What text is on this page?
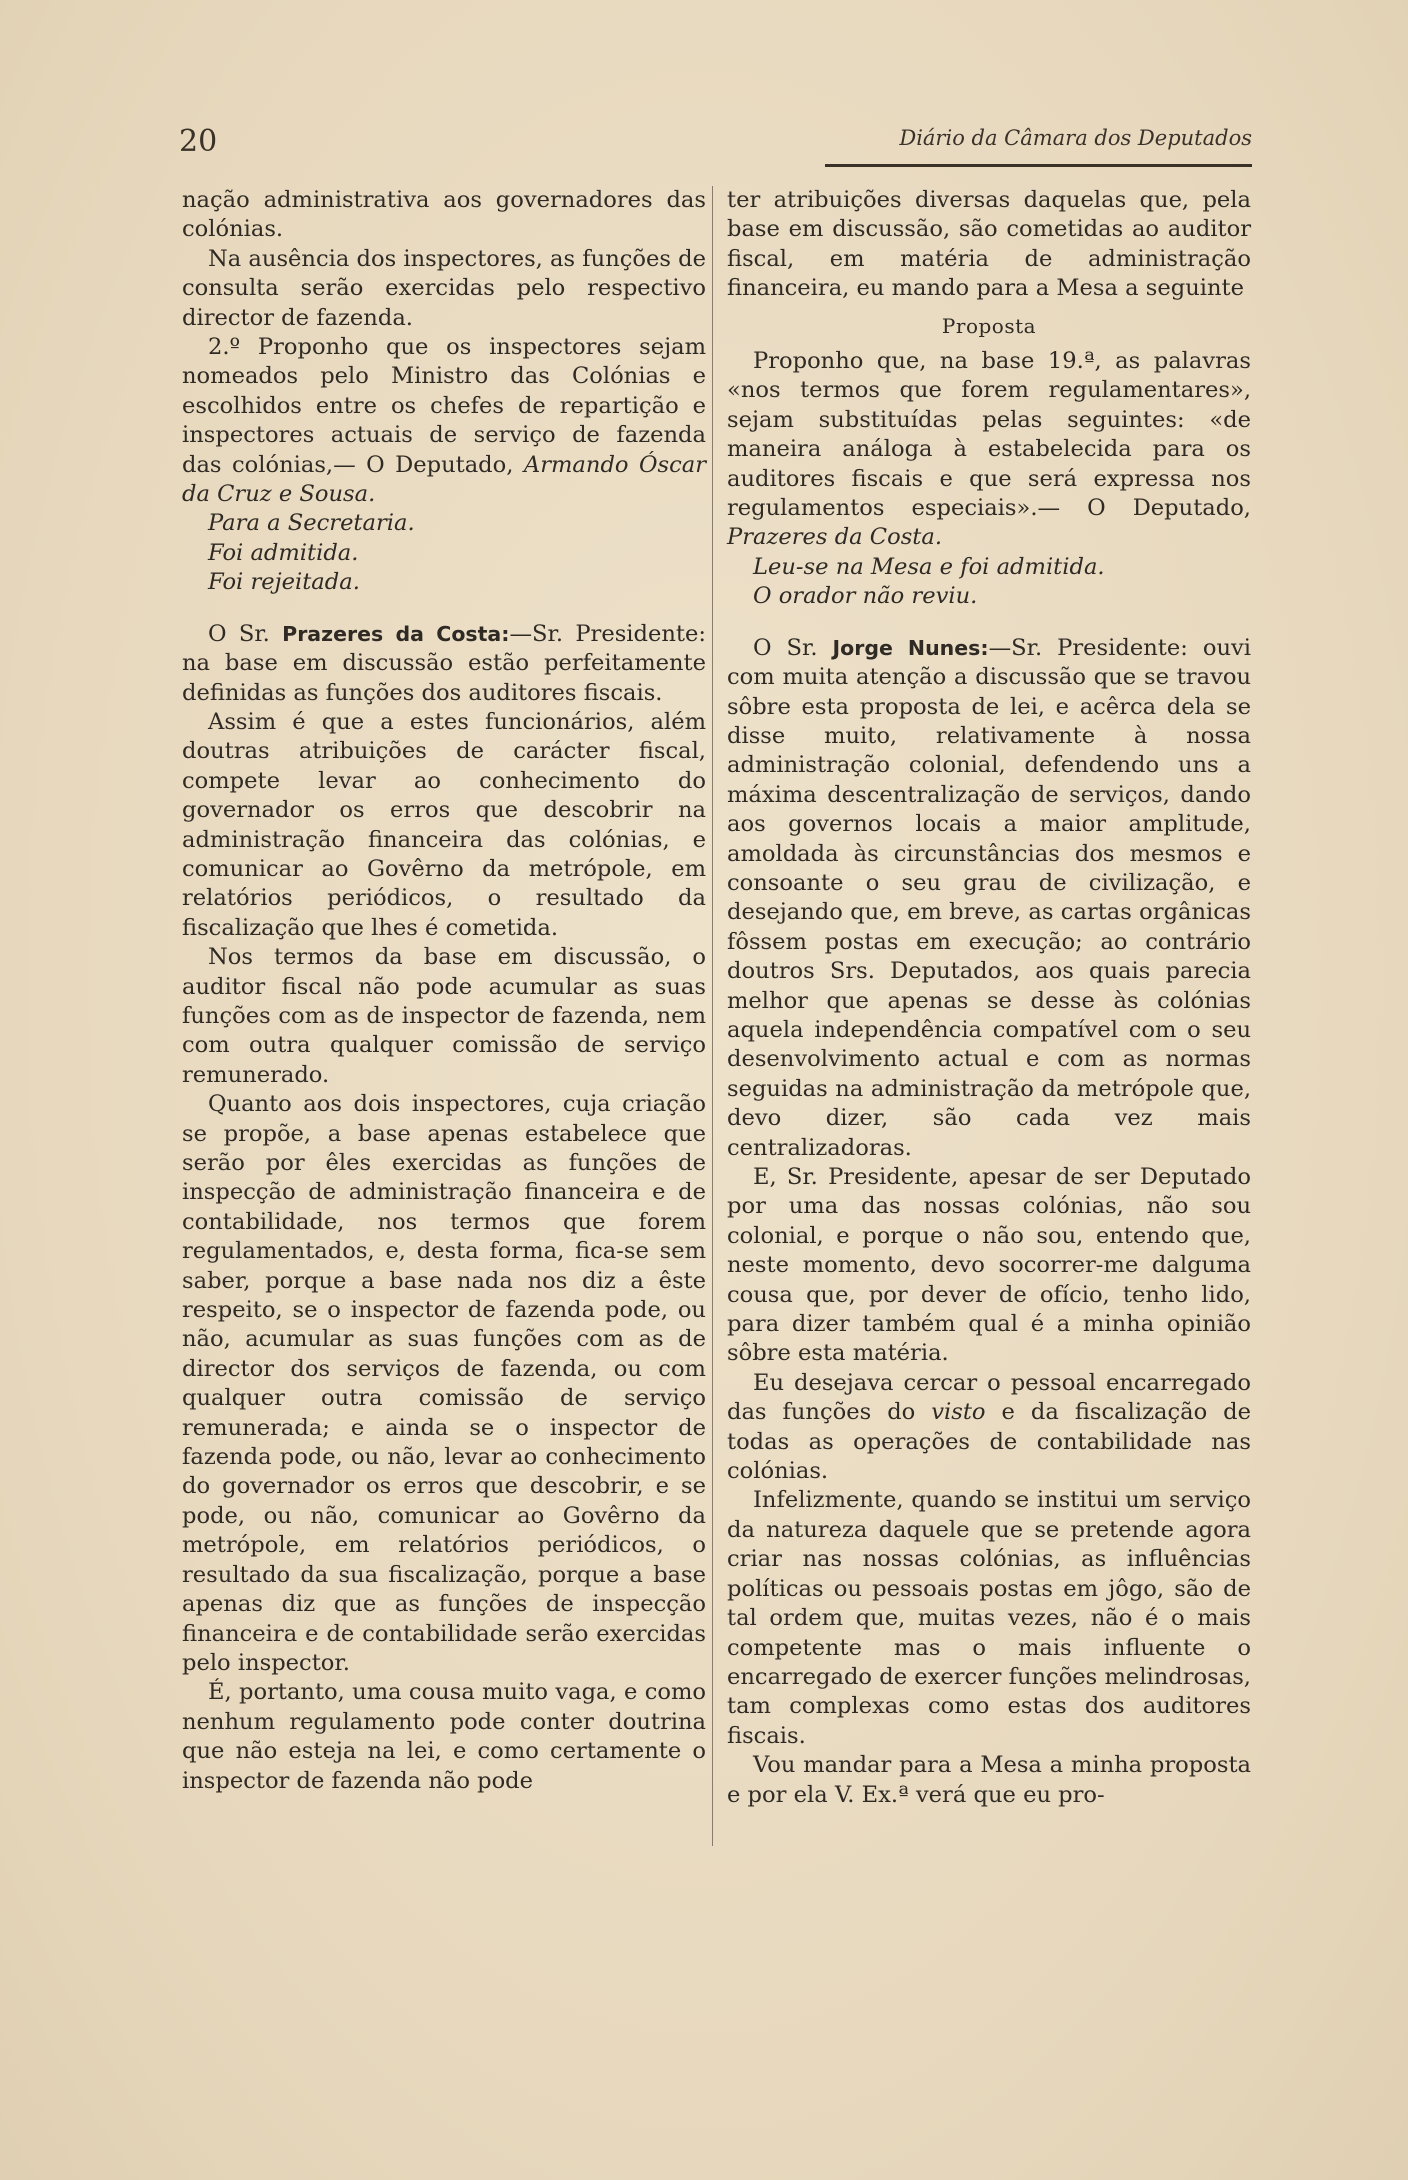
20	Diário da Câmara dos Deputados

nação administrativa aos governadores das colónias.

Na ausência dos inspectores, as funções de consulta serão exercidas pelo respectivo director de fazenda.

2.º Proponho que os inspectores sejam nomeados pelo Ministro das Colónias e escolhidos entre os chefes de repartição e inspectores actuais de serviço de fazenda das colónias,— O Deputado, Armando Óscar da Cruz e Sousa.

Para a Secretaria.

Foi admitida.

Foi rejeitada.

O Sr. Prazeres da Costa:—Sr. Presidente: na base em discussão estão perfeitamente definidas as funções dos auditores fiscais.

Assim é que a estes funcionários, além doutras atribuições de carácter fiscal, compete levar ao conhecimento do governador os erros que descobrir na administração financeira das colónias, e comunicar ao Govêrno da metrópole, em relatórios periódicos, o resultado da fiscalização que lhes é cometida.

Nos termos da base em discussão, o auditor fiscal não pode acumular as suas funções com as de inspector de fazenda, nem com outra qualquer comissão de serviço remunerado.

Quanto aos dois inspectores, cuja criação se propõe, a base apenas estabelece que serão por êles exercidas as funções de inspecção de administração financeira e de contabilidade, nos termos que forem regulamentados, e, desta forma, fica-se sem saber, porque a base nada nos diz a êste respeito, se o inspector de fazenda pode, ou não, acumular as suas funções com as de director dos serviços de fazenda, ou com qualquer outra comissão de serviço remunerada; e ainda se o inspector de fazenda pode, ou não, levar ao conhecimento do governador os erros que descobrir, e se pode, ou não, comunicar ao Govêrno da metrópole, em relatórios periódicos, o resultado da sua fiscalização, porque a base apenas diz que as funções de inspecção financeira e de contabilidade serão exercidas pelo inspector.

É, portanto, uma cousa muito vaga, e como nenhum regulamento pode conter doutrina que não esteja na lei, e como certamente o inspector de fazenda não pode

ter atribuições diversas daquelas que, pela base em discussão, são cometidas ao auditor fiscal, em matéria de administração financeira, eu mando para a Mesa a seguinte

Proposta

Proponho que, na base 19.ª, as palavras «nos termos que forem regulamentares», sejam substituídas pelas seguintes: «de maneira análoga à estabelecida para os auditores fiscais e que será expressa nos regulamentos especiais».— O Deputado, Prazeres da Costa.

Leu-se na Mesa e foi admitida.

O orador não reviu.

O Sr. Jorge Nunes:—Sr. Presidente: ouvi com muita atenção a discussão que se travou sôbre esta proposta de lei, e acêrca dela se disse muito, relativamente à nossa administração colonial, defendendo uns a máxima descentralização de serviços, dando aos governos locais a maior amplitude, amoldada às circunstâncias dos mesmos e consoante o seu grau de civilização, e desejando que, em breve, as cartas orgânicas fôssem postas em execução; ao contrário doutros Srs. Deputados, aos quais parecia melhor que apenas se desse às colónias aquela independência compatível com o seu desenvolvimento actual e com as normas seguidas na administração da metrópole que, devo dizer, são cada vez mais centralizadoras.

E, Sr. Presidente, apesar de ser Deputado por uma das nossas colónias, não sou colonial, e porque o não sou, entendo que, neste momento, devo socorrer-me dalguma cousa que, por dever de ofício, tenho lido, para dizer também qual é a minha opinião sôbre esta matéria.

Eu desejava cercar o pessoal encarregado das funções do visto e da fiscalização de todas as operações de contabilidade nas colónias.

Infelizmente, quando se institui um serviço da natureza daquele que se pretende agora criar nas nossas colónias, as influências políticas ou pessoais postas em jôgo, são de tal ordem que, muitas vezes, não é o mais competente mas o mais influente o encarregado de exercer funções melindrosas, tam complexas como estas dos auditores fiscais.

Vou mandar para a Mesa a minha proposta e por ela V. Ex.ª verá que eu pro-
